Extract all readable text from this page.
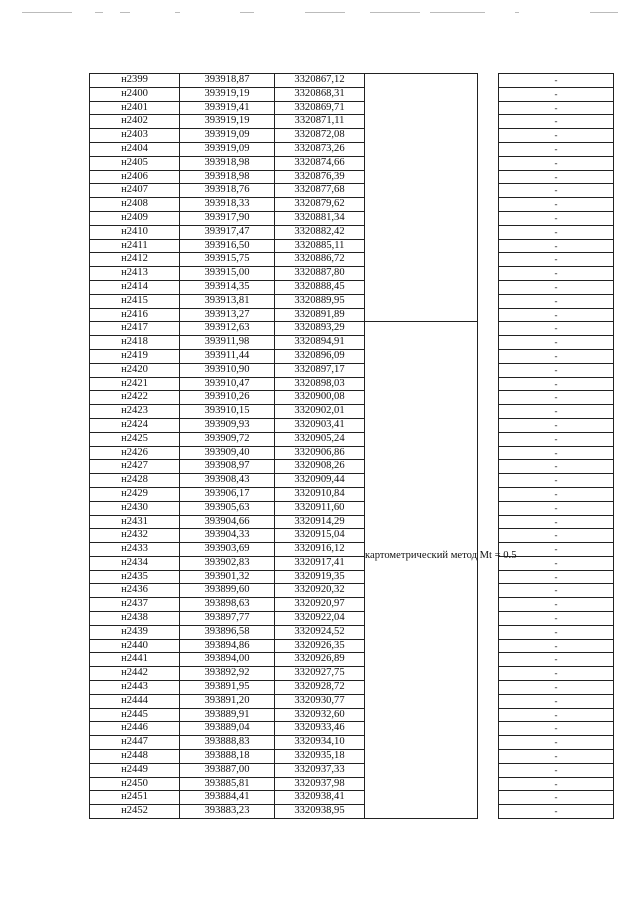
н2399	393918,87	3320867,12			-
н2400	393919,19	3320868,31			-
н2401	393919,41	3320869,71			-
н2402	393919,19	3320871,11			-
н2403	393919,09	3320872,08			-
н2404	393919,09	3320873,26			-
н2405	393918,98	3320874,66			-
н2406	393918,98	3320876,39			-
н2407	393918,76	3320877,68			-
н2408	393918,33	3320879,62			-
н2409	393917,90	3320881,34			-
н2410	393917,47	3320882,42			-
н2411	393916,50	3320885,11			-
н2412	393915,75	3320886,72			-
н2413	393915,00	3320887,80			-
н2414	393914,35	3320888,45			-
н2415	393913,81	3320889,95			-
н2416	393913,27	3320891,89			-
н2417	393912,63	3320893,29	картометрический метод Mt = 0.5		-
н2418	393911,98	3320894,91			-
н2419	393911,44	3320896,09			-
н2420	393910,90	3320897,17			-
н2421	393910,47	3320898,03			-
н2422	393910,26	3320900,08			-
н2423	393910,15	3320902,01			-
н2424	393909,93	3320903,41			-
н2425	393909,72	3320905,24			-
н2426	393909,40	3320906,86			-
н2427	393908,97	3320908,26			-
н2428	393908,43	3320909,44			-
н2429	393906,17	3320910,84			-
н2430	393905,63	3320911,60			-
н2431	393904,66	3320914,29			-
н2432	393904,33	3320915,04			-
н2433	393903,69	3320916,12			-
н2434	393902,83	3320917,41			-
н2435	393901,32	3320919,35			-
н2436	393899,60	3320920,32			-
н2437	393898,63	3320920,97			-
н2438	393897,77	3320922,04			-
н2439	393896,58	3320924,52			-
н2440	393894,86	3320926,35			-
н2441	393894,00	3320926,89			-
н2442	393892,92	3320927,75			-
н2443	393891,95	3320928,72			-
н2444	393891,20	3320930,77			-
н2445	393889,91	3320932,60			-
н2446	393889,04	3320933,46			-
н2447	393888,83	3320934,10			-
н2448	393888,18	3320935,18			-
н2449	393887,00	3320937,33			-
н2450	393885,81	3320937,98			-
н2451	393884,41	3320938,41			-
н2452	393883,23	3320938,95			-
